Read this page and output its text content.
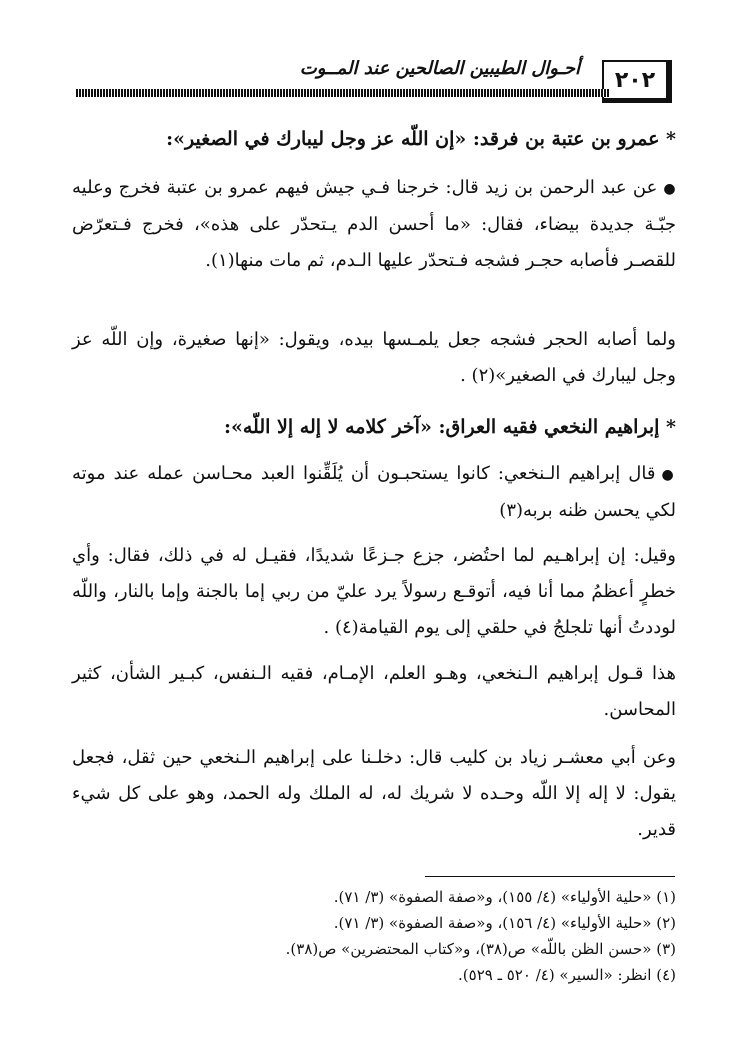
٢٠٢
أحـوال الطيبين الصالحين عند المــوت

* عمرو بن عتبة بن فرقد: «إن اللّه عز وجل ليبارك في الصغير»:

●عن عبد الرحمن بن زيد قال: خرجنا فـي جيش فيهم عمرو بن عتبة فخرج وعليه جبّـة جديدة بيضاء، فقال: «ما أحسن الدم يـتحدّر على هذه»، فخرج فـتعرّض للقصـر فأصابه حجـر فشجه فـتحدّر عليها الـدم، ثم مات منها(١).

ولما أصابه الحجر فشجه جعل يلمـسها بيده، ويقول: «إنها صغيرة، وإن اللّه عز وجل ليبارك في الصغير»(٢) .

* إبراهيم النخعي فقيه العراق: «آخر كلامه لا إله إلا اللّه»:

●قال إبراهيم الـنخعي: كانوا يستحبـون أن يُلَقِّنوا العبد محـاسن عمله عند موته لكي يحسن ظنه بربه(٣)

وقيل: إن إبراهـيم لما احتُضر، جزع جـزعًا شديدًا، فقيـل له في ذلك، فقال: وأي خطرٍ أعظمُ مما أنا فيه، أتوقـع رسولاً يرد عليّ من ربي إما بالجنة وإما بالنار، واللّه لوددتُ أنها تلجلجُ في حلقي إلى يوم القيامة(٤) .

هذا قـول إبراهيم الـنخعي، وهـو العلم، الإمـام، فقيه الـنفس، كبـير الشأن، كثير المحاسن.

وعن أبي معشـر زياد بن كليب قال: دخلـنا على إبراهيم الـنخعي حين ثقل، فجعل يقول: لا إله إلا اللّه وحـده لا شريك له، له الملك وله الحمد، وهو على كل شيء قدير.

(١) «حلية الأولياء» (٤/ ١٥٥)، و«صفة الصفوة» (٣/ ٧١).

(٢) «حلية الأولياء» (٤/ ١٥٦)، و«صفة الصفوة» (٣/ ٧١).

(٣) «حسن الظن باللّه» ص(٣٨)، و«كتاب المحتضرين» ص(٣٨).

(٤) انظر: «السير» (٤/ ٥٢٠ ـ ٥٢٩).
